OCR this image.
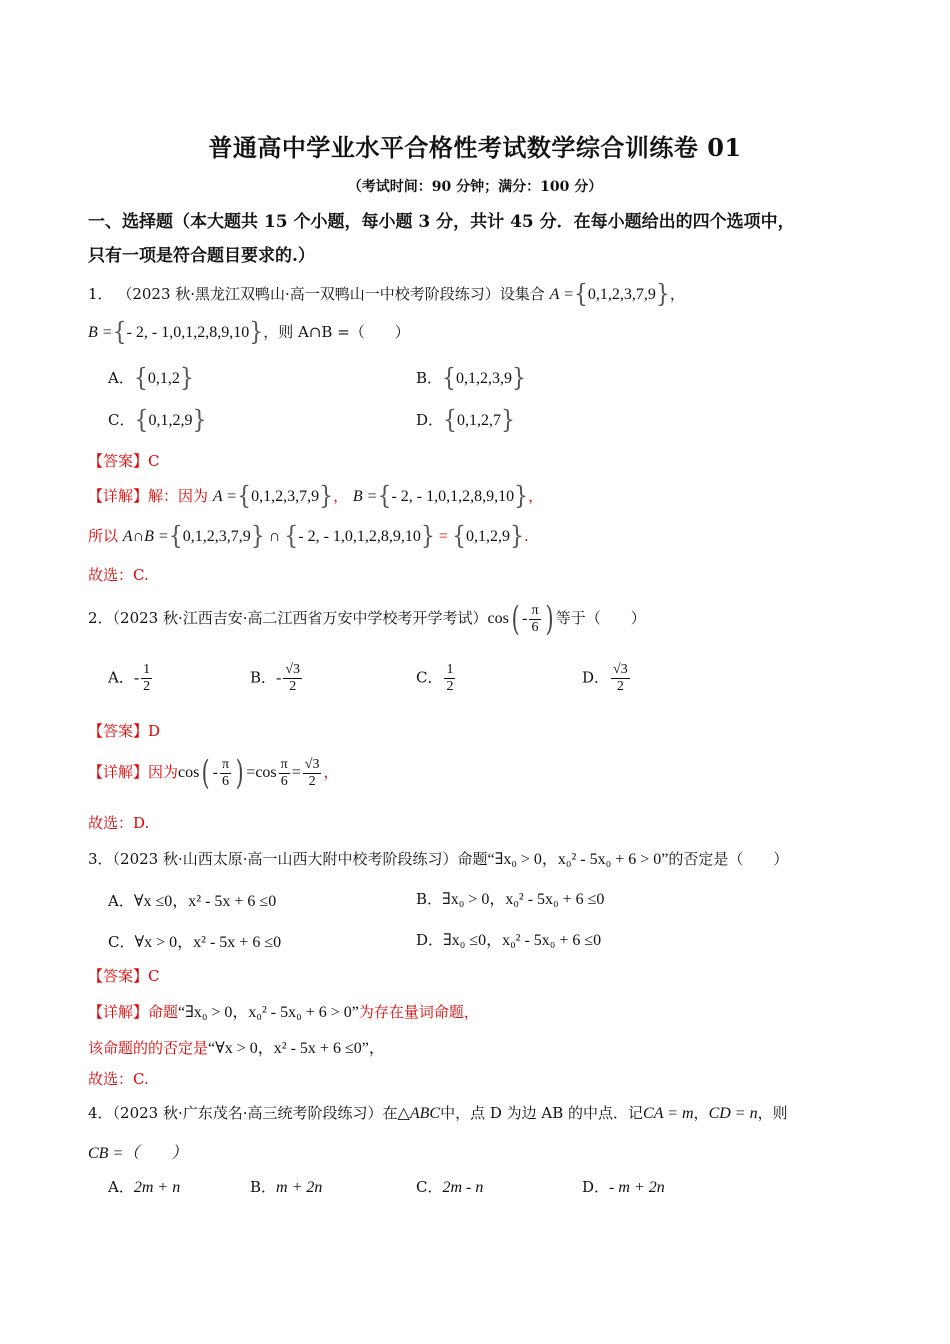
普通高中学业水平合格性考试数学综合训练卷 01
（考试时间：90 分钟；满分：100 分）
一、选择题（本大题共 15 个小题，每小题 3 分，共计 45 分．在每小题给出的四个选项中，
只有一项是符合题目要求的.）
1． （2023 秋·黑龙江双鸭山·高一双鸭山一中校考阶段练习）设集合 A ={0,1,2,3,7,9}，
B ={- 2, - 1,0,1,2,8,9,10}，则 A∩B =（　　）
A．{0,1,2}	B．{0,1,2,3,9}
C．{0,1,2,9}	D．{0,1,2,7}
【答案】C
【详解】解：因为 A ={0,1,2,3,7,9}， B ={- 2, - 1,0,1,2,8,9,10}，
所以 A∩B ={0,1,2,3,7,9} ∩ {- 2, - 1,0,1,2,8,9,10} = {0,1,2,9}.
故选：C.
2．（2023 秋·江西吉安·高二江西省万安中学校考开学考试）$\cos( - \frac{\pi}{6}$ ) 等于（　　）
A．- $\frac{1}{2}$	B．- $\frac{√3}{2}$	C． $\frac{1}{2}$	D． $\frac{√3}{2}$
【答案】D
【详解】因为$\cos( - \frac{\pi}{6}$ ) $=\cos \frac{\pi}{6} = \frac{√3}{2}$ ，
故选：D.
3．（2023 秋·山西太原·高一山西大附中校考阶段练习）命题“∃x₀ > 0，x₀² - 5x₀ + 6 > 0”的否定是（　　）
A．∀x ≤0，x² - 5x + 6 ≤0	B．∃x₀ > 0，x₀² - 5x₀ + 6 ≤0
C．∀x > 0，x² - 5x + 6 ≤0	D．∃x₀ ≤0，x₀² - 5x₀ + 6 ≤0
【答案】C
【详解】命题“∃x₀ > 0，x₀² - 5x₀ + 6 > 0”为存在量词命题，
该命题的的否定是“∀x > 0，x² - 5x + 6 ≤0”，
故选：C.
4．（2023 秋·广东茂名·高三统考阶段练习）在△ABC中，点 D 为边 AB 的中点．记CA = m，CD = n，则
CB =（　　）
A．2m + n	B．m + 2n	C．2m - n	D．- m + 2n
